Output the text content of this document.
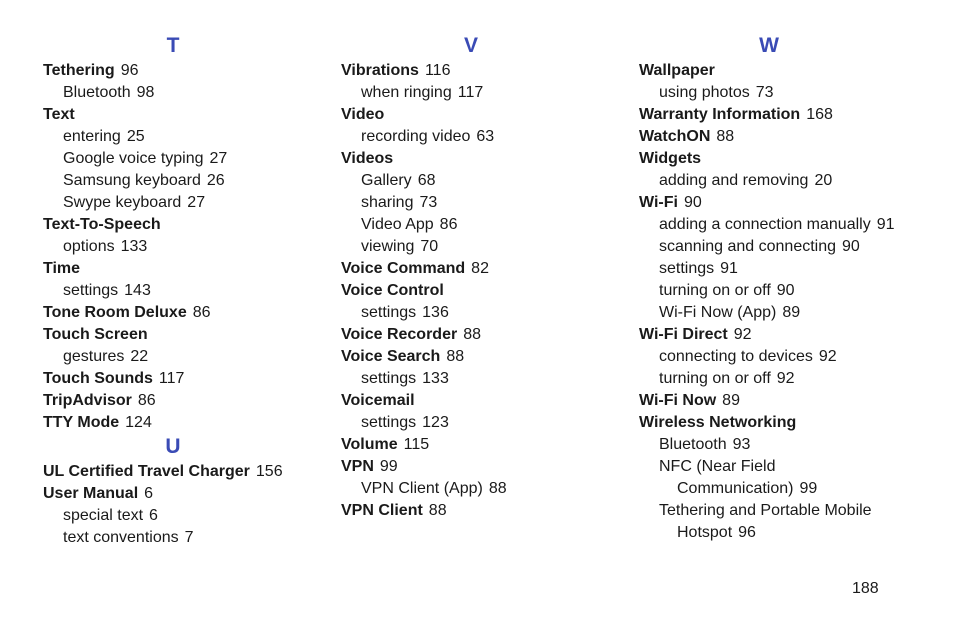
T
Tethering 96
Bluetooth 98
Text
entering 25
Google voice typing 27
Samsung keyboard 26
Swype keyboard 27
Text-To-Speech
options 133
Time
settings 143
Tone Room Deluxe 86
Touch Screen
gestures 22
Touch Sounds 117
TripAdvisor 86
TTY Mode 124
U
UL Certified Travel Charger 156
User Manual 6
special text 6
text conventions 7
V
Vibrations 116
when ringing 117
Video
recording video 63
Videos
Gallery 68
sharing 73
Video App 86
viewing 70
Voice Command 82
Voice Control
settings 136
Voice Recorder 88
Voice Search 88
settings 133
Voicemail
settings 123
Volume 115
VPN 99
VPN Client (App) 88
VPN Client 88
W
Wallpaper
using photos 73
Warranty Information 168
WatchON 88
Widgets
adding and removing 20
Wi-Fi 90
adding a connection manually 91
scanning and connecting 90
settings 91
turning on or off 90
Wi-Fi Now (App) 89
Wi-Fi Direct 92
connecting to devices 92
turning on or off 92
Wi-Fi Now 89
Wireless Networking
Bluetooth 93
NFC (Near Field
Communication) 99
Tethering and Portable Mobile
Hotspot 96
188
